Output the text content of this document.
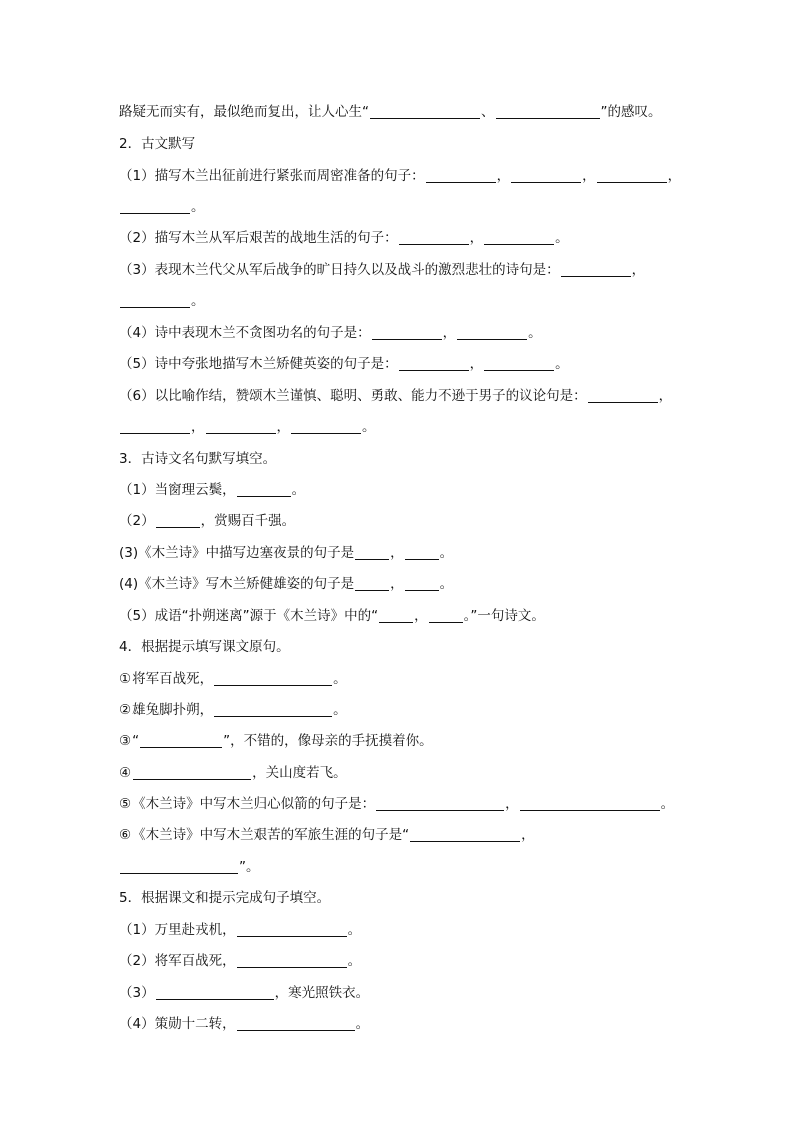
路疑无而实有，最似绝而复出，让人心生“	、	”的感叹。
2．古文默写
（1）描写木兰出征前进行紧张而周密准备的句子：	，	，	，
。
（2）描写木兰从军后艰苦的战地生活的句子：	，	。
（3）表现木兰代父从军后战争的旷日持久以及战斗的激烈悲壮的诗句是：	，
。
（4）诗中表现木兰不贪图功名的句子是：	，	。
（5）诗中夸张地描写木兰矫健英姿的句子是：	，	。
（6）以比喻作结，赞颂木兰谨慎、聪明、勇敢、能力不逊于男子的议论句是：	，
，	，	。
3．古诗文名句默写填空。
（1）当窗理云鬓，	。
（2）	，赏赐百千强。
(3)《木兰诗》中描写边塞夜景的句子是	，	。
(4)《木兰诗》写木兰矫健雄姿的句子是	，	。
（5）成语“扑朔迷离”源于《木兰诗》中的“	，	。”一句诗文。
4．根据提示填写课文原句。
①将军百战死，	。
②雄兔脚扑朔，	。
③“	”，不错的，像母亲的手抚摸着你。
④	，关山度若飞。
⑤《木兰诗》中写木兰归心似箭的句子是：	，	。
⑥《木兰诗》中写木兰艰苦的军旅生涯的句子是“	，
”。
5．根据课文和提示完成句子填空。
（1）万里赴戎机，	。
（2）将军百战死，	。
（3）	，寒光照铁衣。
（4）策勋十二转，	。
